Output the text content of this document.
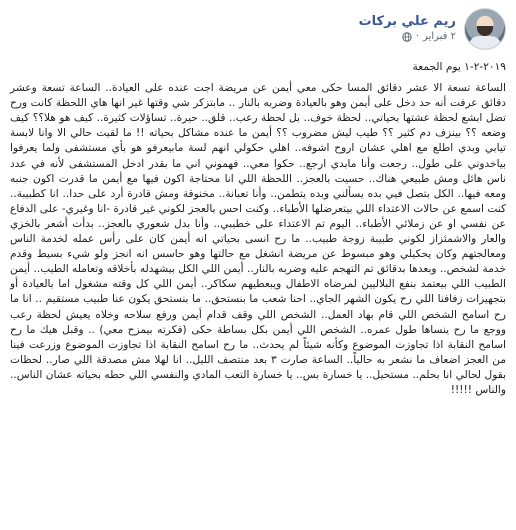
ريم علي بركات
٢ فبراير
·
٢٠١٩-٢-١ يوم الجمعة

الساعة تسعة الا عشر دقائق المسا حكى معي أيمن عن مريضة اجت عنده على العيادة.. الساعة تسعة وعشر دقائق عرفت أنه حد دخل على أيمن وهو بالعيادة وضربه بالنار .. مابتزكر شي وقتها غير انها هاي اللحظة كانت ورح تضل ابشع لحظة عشتها بحياتي.. لحظة خوف.. بل لحظة رعب.. قلق.. حيرة.. تساؤلات كثيرة.. كيف هو هلا؟؟ كيف وضعه ؟؟ بينزف دم كثير ؟؟ طيب ليش مضروب ؟؟ أيمن ما عنده مشاكل بحياته !! ما لقيت حالي الا وانا لابسة تيابي وبدي اطلع مع اهلي عشان اروح اشوفه.. اهلي حكولي انهم لسة مابيعرفو هو بأي مستشفى ولما يعرفوا بياخدوني على طول.. رجعت وأنا مابدي ارجع.. حكوا معي.. فهموني اني ما بقدر ادخل المستشفى لأنه في عدد ناس هائل ومش طبيعي هناك.. حسيت بالعجز.. اللحظة اللي انا محتاجة اكون فيها مع أيمن ما قدرت اكون جنبه ومعه فيها.. الكل بتصل فيي بده يسألني وبده يتطمن.. وأنا تعبانة.. مخنوقة ومش قادرة أرد على حدا.. انا كطبيبة.. كنت اسمع عن حالات الاعتداء اللي بيتعرضلها الأطباء.. وكنت احس بالعجز لكوني غير قادرة -انا وغيري- على الدفاع عن نفسي او عن زملائي الأطباء.. اليوم تم الاعتداء على خطيبي.. وأنا بدل شعوري بالعجز.. بدأت أشعر بالخزي والعار والاشمئزاز لكوني طبيبة زوجة طبيب.. ما رح انسى بحياتي انه أيمن كان على رأس عمله لخدمة الناس ومعالجتهم وكان يحكيلي وهو مبسوط عن مريضة انشغل مع حالتها وهو حاسس انه انجز ولو شيء بسيط وقدم خدمة لشخص.. وبعدها بدقائق تم التهجم عليه وضربه بالنار.. أيمن اللي الكل بيشهدله بأخلاقه وتعامله الطيب.. أيمن الطبيب اللي بيعتمد بنفع البلاليين لمرضاه الاطفال ويبعطيهم سكاكر.. أيمن اللي كل وقته مشغول اما بالعيادة أو بتجهيزات زفافنا اللي رح يكون الشهر الجاي.. احنا شعب ما بنستحق.. ما بنستحق يكون عنا طبيب مستقيم .. انا ما رح اسامح الشخص اللي قام بهاد العمل.. الشخص اللي وقف قدام أيمن ورفع سلاحه وخلاه يعيش لحظة رعب ووجع ما رح ينساها طول عمره.. الشخص اللي أيمن بكل بساطة حكى (فكرته بيمزح معي) .. وقبل هيك ما رح اسامح النقابة اذا تجاوزت الموضوع وكأنه شيئاً لم يحدث.. ما رح اسامح النقابة اذا تجاوزت الموضوع وزرعت فينا من العجز اضعاف ما نشعر به حالياً.. الساعة صارت ٣ بعد منتصف الليل.. انا لهلا مش مصدقة اللي صار.. لحظات بقول لحالي انا بحلم.. مستحيل.. يا خسارة بس.. يا خسارة التعب المادي والنفسي اللي حطه بحياته عشان الناس.. والناس !!!!!
